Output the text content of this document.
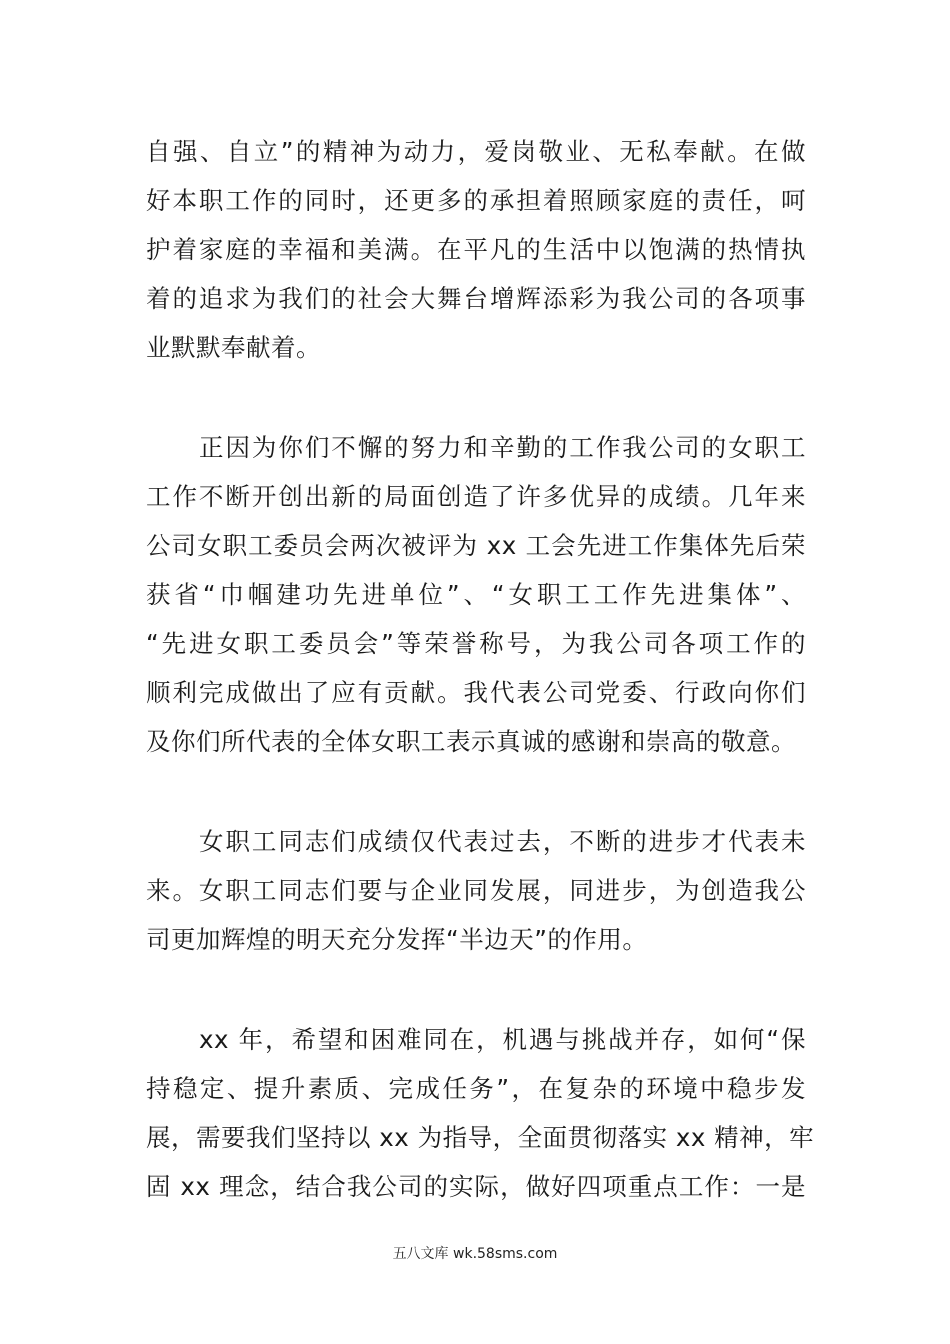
自强、自立”的精神为动力，爱岗敬业、无私奉献。在做
好本职工作的同时，还更多的承担着照顾家庭的责任，呵
护着家庭的幸福和美满。在平凡的生活中以饱满的热情执
着的追求为我们的社会大舞台增辉添彩为我公司的各项事
业默默奉献着。
正因为你们不懈的努力和辛勤的工作我公司的女职工
工作不断开创出新的局面创造了许多优异的成绩。几年来
公司女职工委员会两次被评为 xx 工会先进工作集体先后荣
获省“巾帼建功先进单位”、“女职工工作先进集体”、
“先进女职工委员会”等荣誉称号，为我公司各项工作的
顺利完成做出了应有贡献。我代表公司党委、行政向你们
及你们所代表的全体女职工表示真诚的感谢和崇高的敬意。
女职工同志们成绩仅代表过去，不断的进步才代表未
来。女职工同志们要与企业同发展，同进步，为创造我公
司更加辉煌的明天充分发挥“半边天”的作用。
xx 年，希望和困难同在，机遇与挑战并存，如何“保
持稳定、提升素质、完成任务”，在复杂的环境中稳步发
展，需要我们坚持以 xx 为指导，全面贯彻落实 xx 精神，牢
固 xx 理念，结合我公司的实际，做好四项重点工作：一是
五八文库 wk.58sms.com
